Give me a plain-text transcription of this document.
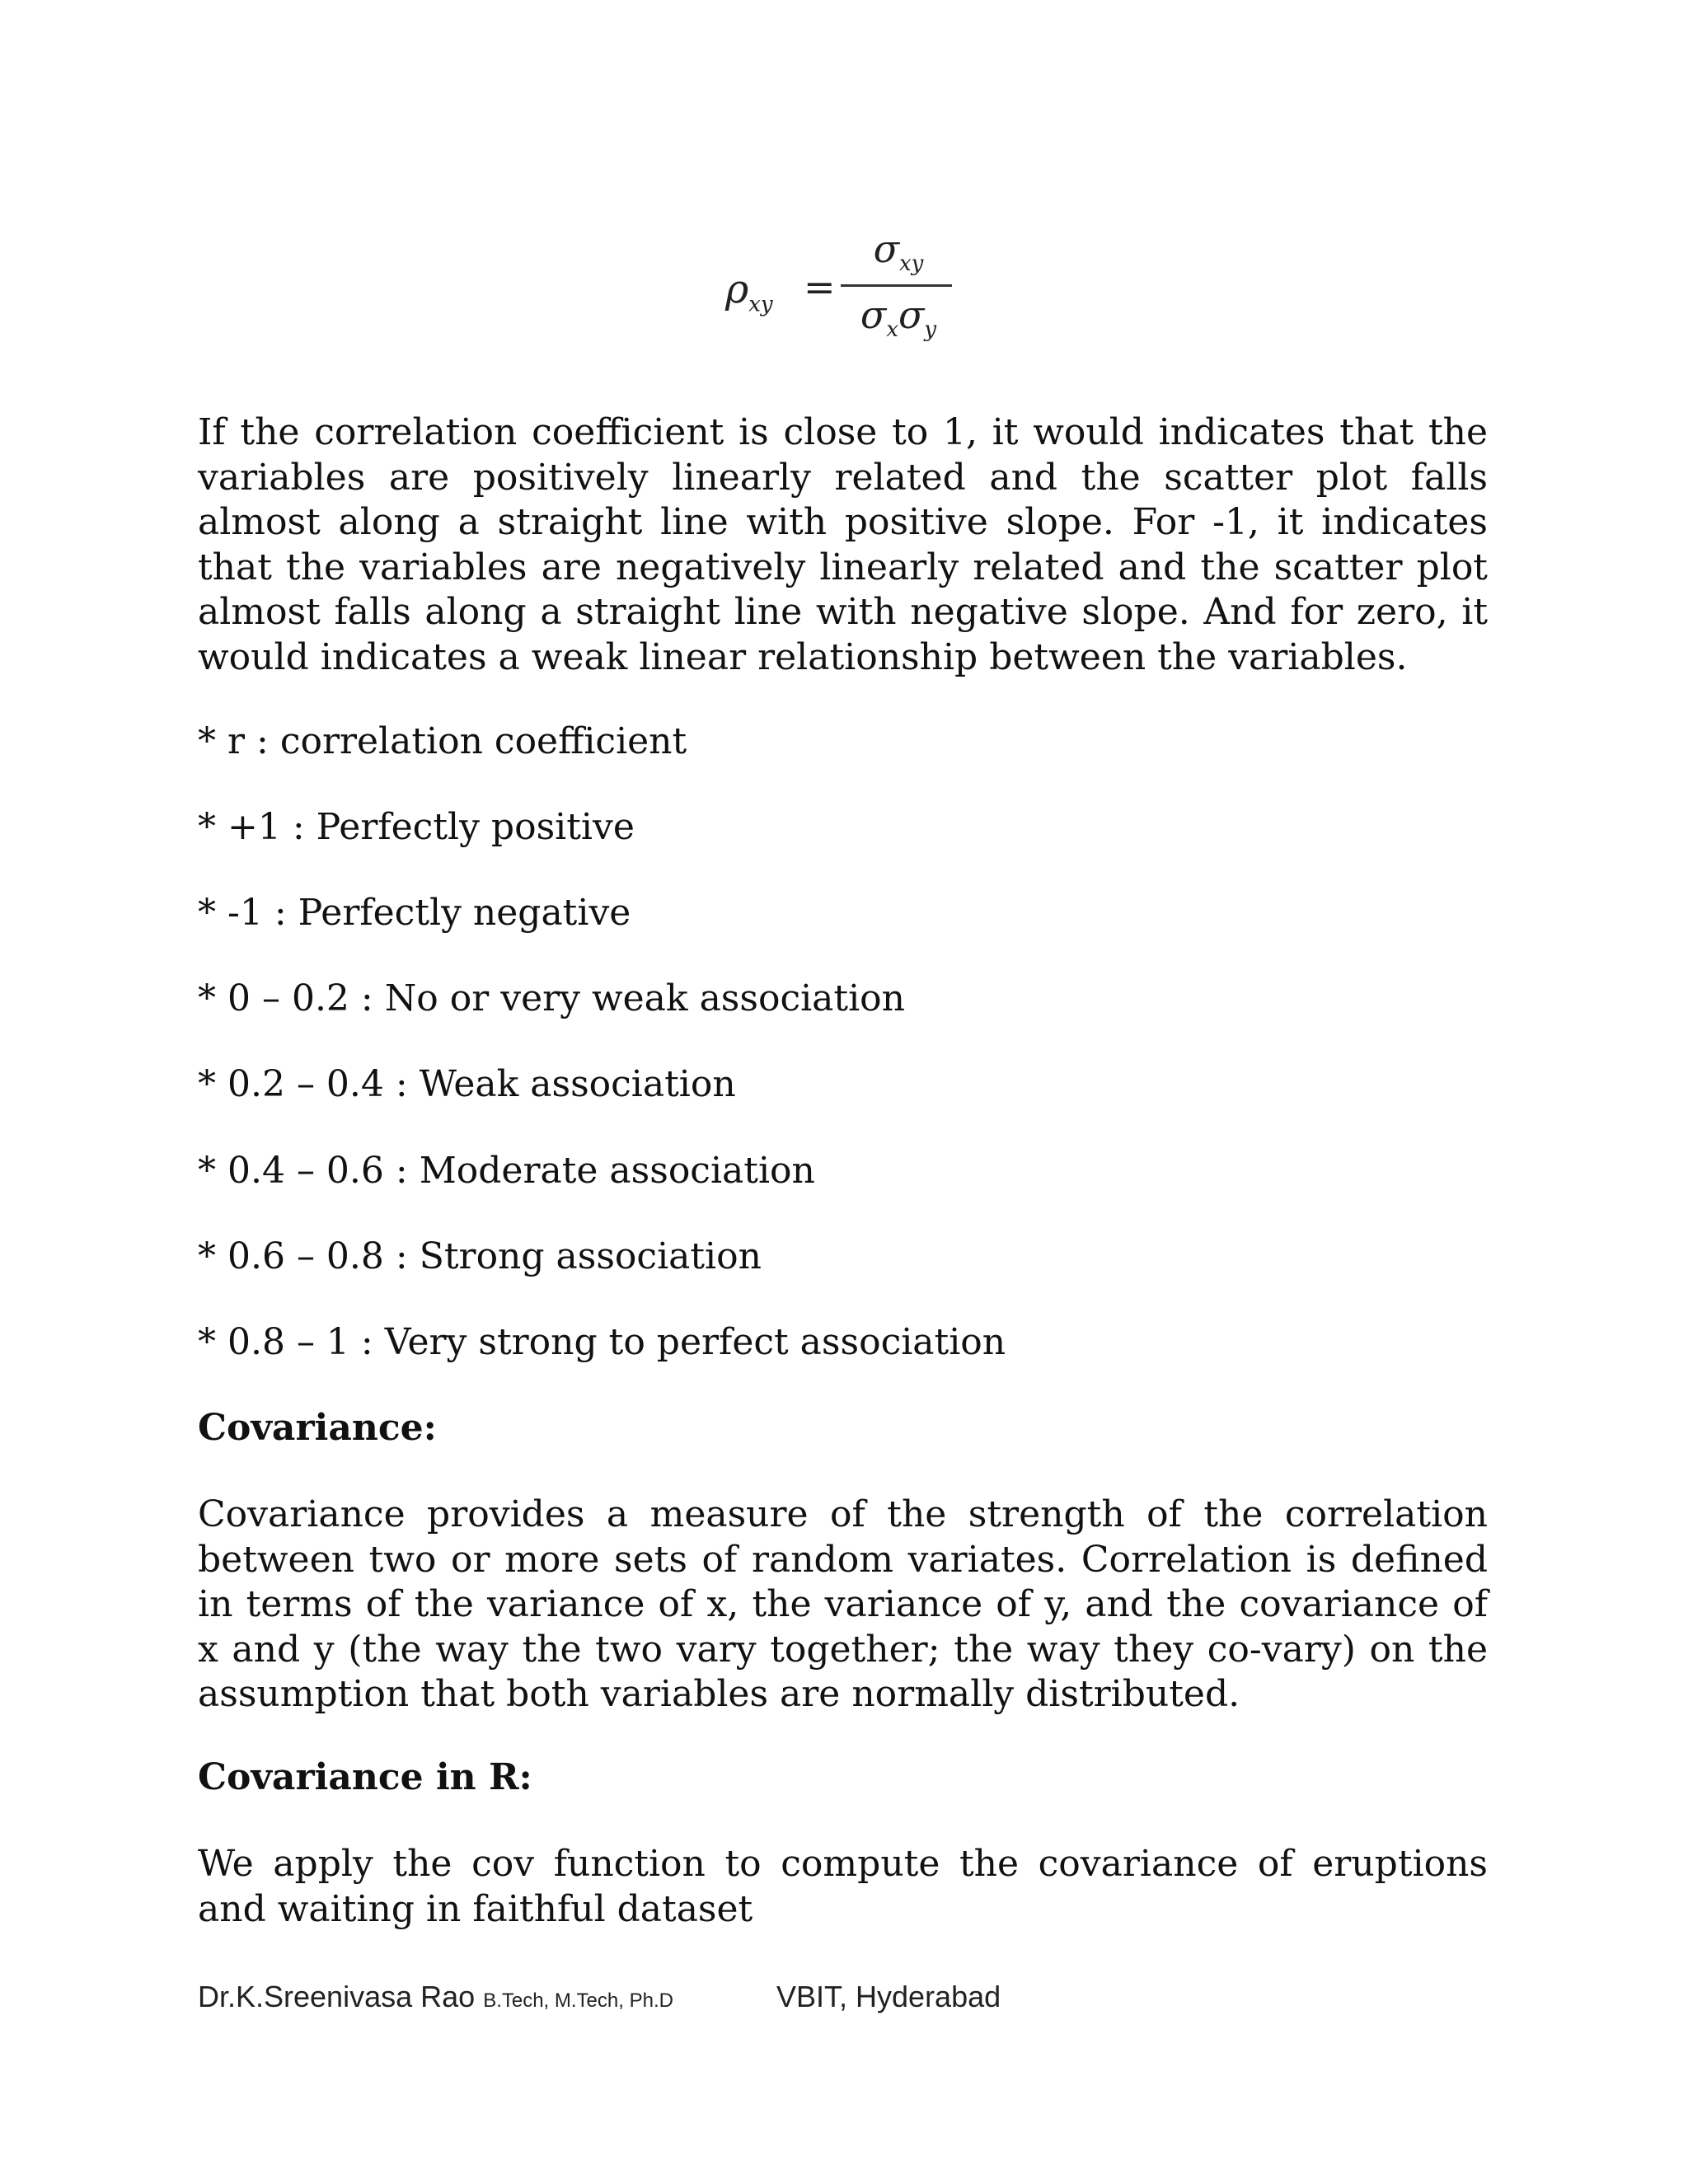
$\rho_{xy}$ =
$\sigma_{xy}$
$\sigma_x\sigma_y$

If the correlation coefficient is close to 1, it would indicates that the variables are positively linearly related and the scatter plot falls almost along a straight line with positive slope. For -1, it indicates that the variables are negatively linearly related and the scatter plot almost falls along a straight line with negative slope. And for zero, it would indicates a weak linear relationship between the variables.

* r : correlation coefficient

* +1 : Perfectly positive

* -1 : Perfectly negative

* 0 – 0.2 : No or very weak association

* 0.2 – 0.4 : Weak association

* 0.4 – 0.6 : Moderate association

* 0.6 – 0.8 : Strong association

* 0.8 – 1 : Very strong to perfect association

Covariance:

Covariance provides a measure of the strength of the correlation between two or more sets of random variates. Correlation is defined in terms of the variance of x, the variance of y, and the covariance of x and y (the way the two vary together; the way they co-vary) on the assumption that both variables are normally distributed.

Covariance in R:

We apply the cov function to compute the covariance of eruptions and waiting in faithful dataset

Dr.K.Sreenivasa Rao B.Tech, M.Tech, Ph.D	VBIT, Hyderabad
